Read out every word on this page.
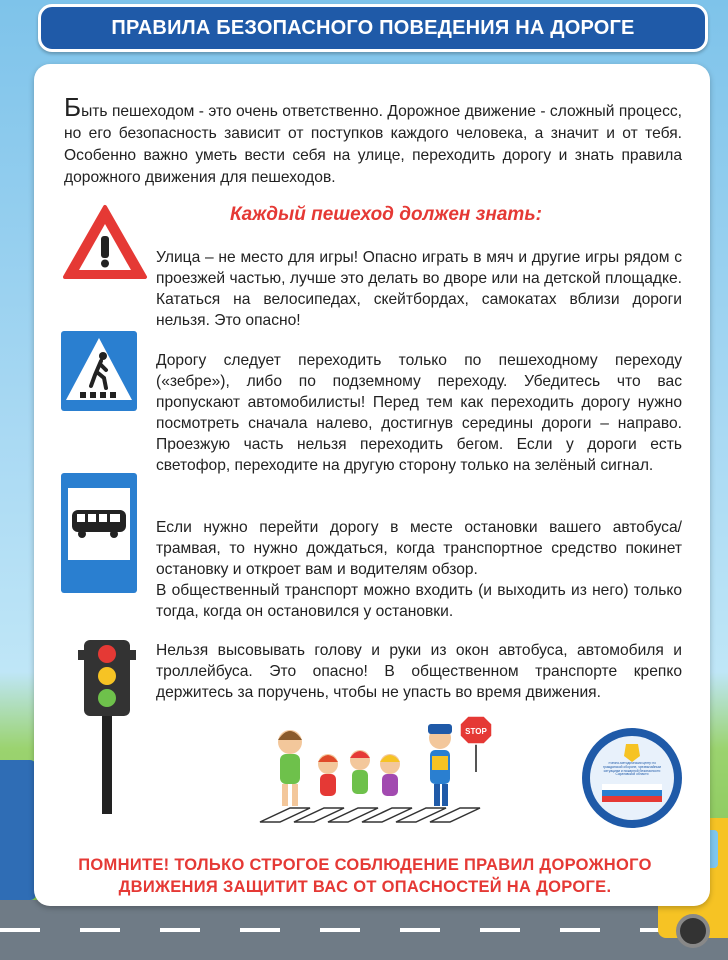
ПРАВИЛА БЕЗОПАСНОГО ПОВЕДЕНИЯ НА ДОРОГЕ

Быть пешеходом - это очень ответственно. Дорожное движение - сложный процесс, но его безопасность зависит от поступков каждого человека, а значит и от тебя. Особенно важно уметь вести себя на улице, переходить дорогу и знать правила дорожного движения для пешеходов.

Каждый пешеход должен знать:

Улица – не место для игры! Опасно играть в мяч и другие игры рядом с проезжей частью, лучше это делать во дворе или на детской площадке. Кататься на велосипедах, скейтбордах, самокатах вблизи дороги нельзя. Это опасно!

Дорогу следует переходить только по пешеходному переходу («зебре»), либо по подземному переходу. Убедитесь что вас пропускают автомобилисты! Перед тем как переходить дорогу нужно посмотреть сначала налево, достигнув середины дороги – направо. Проезжую часть нельзя переходить бегом. Если у дороги есть светофор, переходите на другую сторону только на зелёный сигнал.

Если нужно перейти дорогу в месте остановки вашего автобуса/трамвая, то нужно дождаться, когда транспортное средство покинет остановку и откроет вам и водителям обзор.
В общественный транспорт можно входить (и выходить из него) только тогда, когда он остановился у остановки.

Нельзя высовывать голову и руки из окон автобуса, автомобиля и троллейбуса. Это опасно! В общественном транспорте крепко держитесь за поручень, чтобы не упасть во время движения.

STOP
Учебно-методический центр по гражданской обороне, чрезвычайным ситуациям и пожарной безопасности Саратовской области

ПОМНИТЕ! ТОЛЬКО СТРОГОЕ СОБЛЮДЕНИЕ ПРАВИЛ ДОРОЖНОГО
ДВИЖЕНИЯ ЗАЩИТИТ ВАС ОТ ОПАСНОСТЕЙ НА ДОРОГЕ.
